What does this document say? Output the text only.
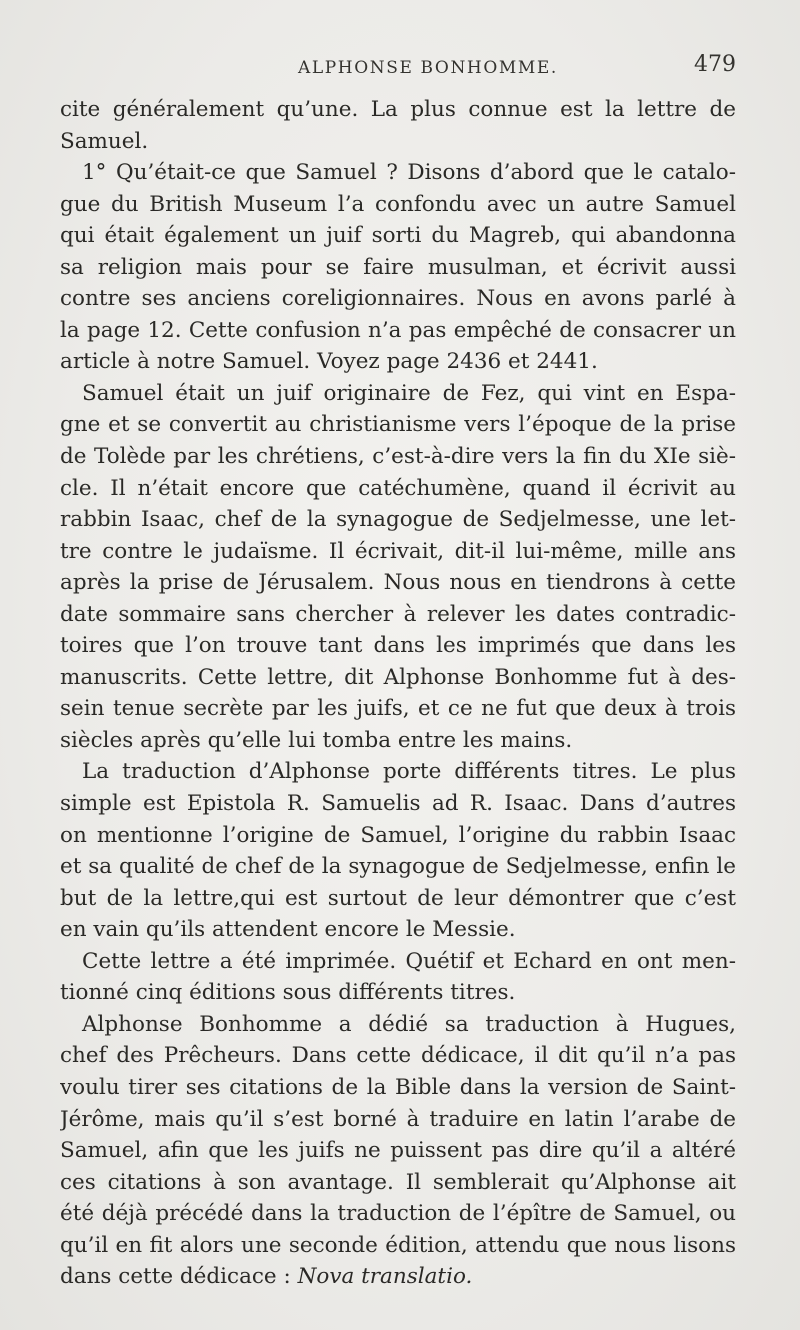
ALPHONSE BONHOMME.	479
cite généralement qu’une. La plus connue est la lettre de
Samuel.
1° Qu’était-ce que Samuel ? Disons d’abord que le catalo-
gue du British Museum l’a confondu avec un autre Samuel
qui était également un juif sorti du Magreb, qui abandonna
sa religion mais pour se faire musulman, et écrivit aussi
contre ses anciens coreligionnaires. Nous en avons parlé à
la page 12. Cette confusion n’a pas empêché de consacrer un
article à notre Samuel. Voyez page 2436 et 2441.
Samuel était un juif originaire de Fez, qui vint en Espa-
gne et se convertit au christianisme vers l’époque de la prise
de Tolède par les chrétiens, c’est-à-dire vers la fin du XIe siè-
cle. Il n’était encore que catéchumène, quand il écrivit au
rabbin Isaac, chef de la synagogue de Sedjelmesse, une let-
tre contre le judaïsme. Il écrivait, dit-il lui-même, mille ans
après la prise de Jérusalem. Nous nous en tiendrons à cette
date sommaire sans chercher à relever les dates contradic-
toires que l’on trouve tant dans les imprimés que dans les
manuscrits. Cette lettre, dit Alphonse Bonhomme fut à des-
sein tenue secrète par les juifs, et ce ne fut que deux à trois
siècles après qu’elle lui tomba entre les mains.
La traduction d’Alphonse porte différents titres. Le plus
simple est Epistola R. Samuelis ad R. Isaac. Dans d’autres
on mentionne l’origine de Samuel, l’origine du rabbin Isaac
et sa qualité de chef de la synagogue de Sedjelmesse, enfin le
but de la lettre,qui est surtout de leur démontrer que c’est
en vain qu’ils attendent encore le Messie.
Cette lettre a été imprimée. Quétif et Echard en ont men-
tionné cinq éditions sous différents titres.
Alphonse Bonhomme a dédié sa traduction à Hugues,
chef des Prêcheurs. Dans cette dédicace, il dit qu’il n’a pas
voulu tirer ses citations de la Bible dans la version de Saint-
Jérôme, mais qu’il s’est borné à traduire en latin l’arabe de
Samuel, afin que les juifs ne puissent pas dire qu’il a altéré
ces citations à son avantage. Il semblerait qu’Alphonse ait
été déjà précédé dans la traduction de l’épître de Samuel, ou
qu’il en fit alors une seconde édition, attendu que nous lisons
dans cette dédicace : Nova translatio.
